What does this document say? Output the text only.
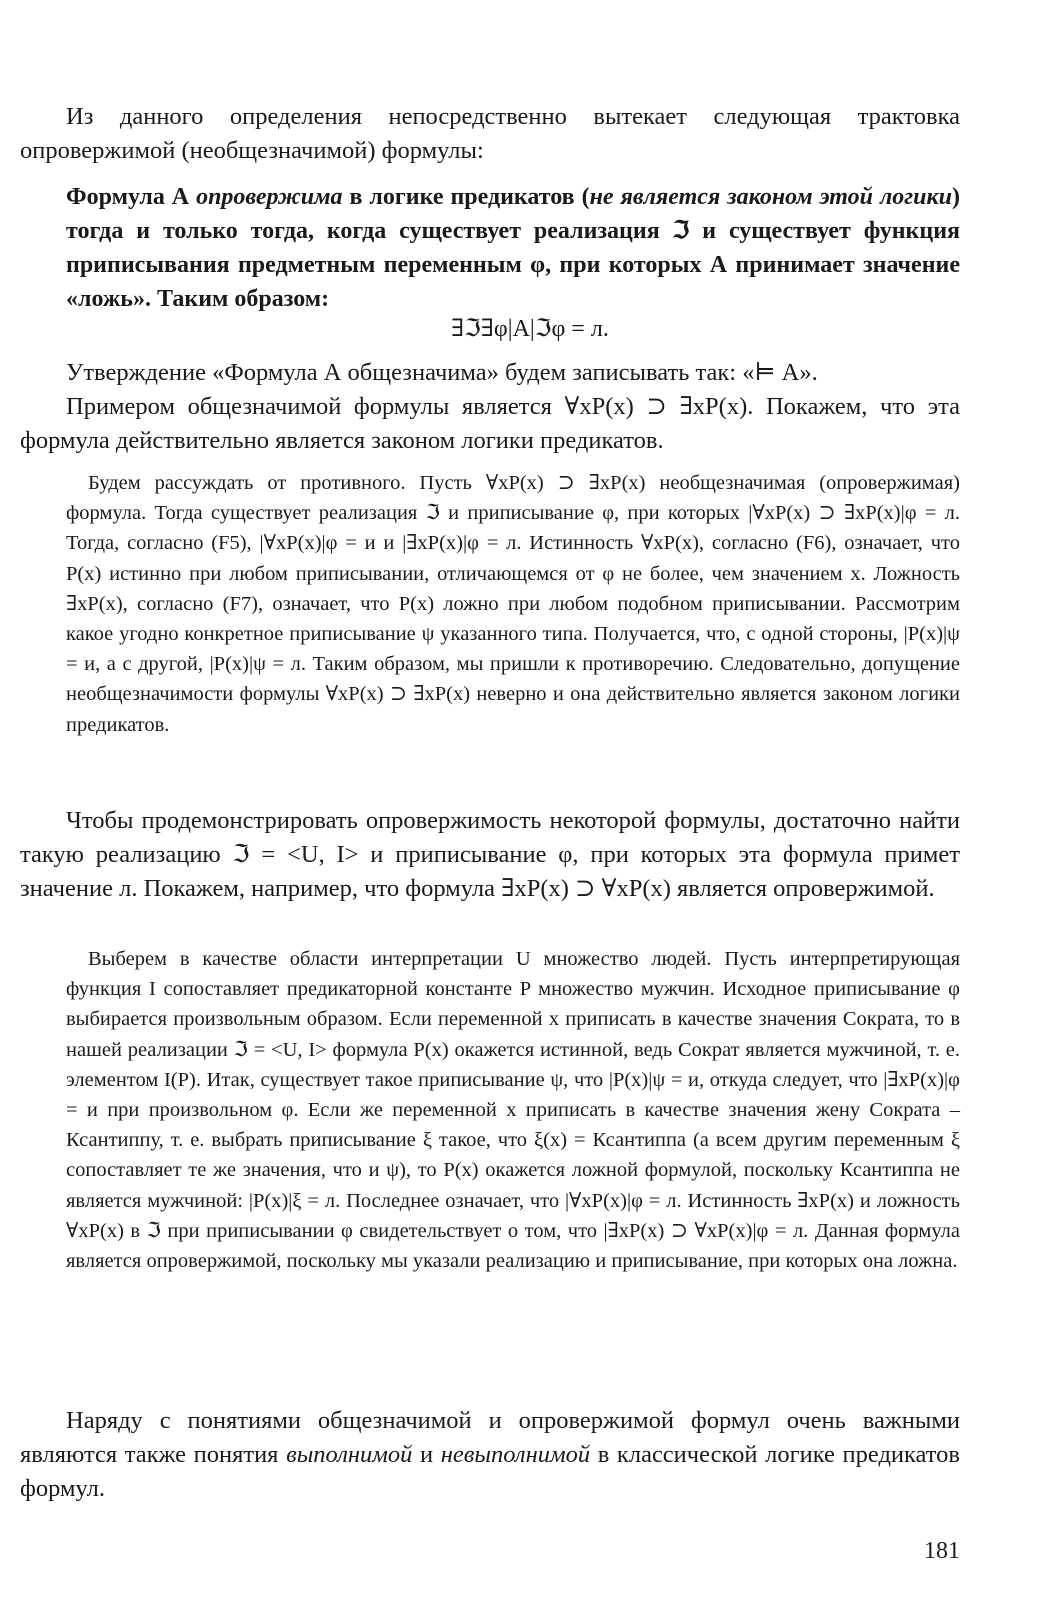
Из данного определения непосредственно вытекает следующая трактовка опровержимой (необщезначимой) формулы:

Формула А опровержима в логике предикатов (не является законом этой логики) тогда и только тогда, когда существует реализация ℑ и существует функция приписывания предметным переменным φ, при которых А принимает значение «ложь». Таким образом:

∃ℑ∃φ|A|ℑφ = л.

Утверждение «Формула А общезначима» будем записывать так: «⊨ А».

Примером общезначимой формулы является ∀xP(x) ⊃ ∃xP(x). Покажем, что эта формула действительно является законом логики предикатов.

Будем рассуждать от противного. Пусть ∀xP(x) ⊃ ∃xP(x) необщезначимая (опровержимая) формула. Тогда существует реализация ℑ и приписывание φ, при которых |∀xP(x) ⊃ ∃xP(x)|φ = л. Тогда, согласно (F5), |∀xP(x)|φ = и и |∃xP(x)|φ = л. Истинность ∀xP(x), согласно (F6), означает, что P(x) истинно при любом приписывании, отличающемся от φ не более, чем значением x. Ложность ∃xP(x), согласно (F7), означает, что P(x) ложно при любом подобном приписывании. Рассмотрим какое угодно конкретное приписывание ψ указанного типа. Получается, что, с одной стороны, |P(x)|ψ = и, а с другой, |P(x)|ψ = л. Таким образом, мы пришли к противоречию. Следовательно, допущение необщезначимости формулы ∀xP(x) ⊃ ∃xP(x) неверно и она действительно является законом логики предикатов.

Чтобы продемонстрировать опровержимость некоторой формулы, достаточно найти такую реализацию ℑ = <U, I> и приписывание φ, при которых эта формула примет значение л. Покажем, например, что формула ∃xP(x) ⊃ ∀xP(x) является опровержимой.

Выберем в качестве области интерпретации U множество людей. Пусть интерпретирующая функция I сопоставляет предикаторной константе P множество мужчин. Исходное приписывание φ выбирается произвольным образом. Если переменной x приписать в качестве значения Сократа, то в нашей реализации ℑ = <U, I> формула P(x) окажется истинной, ведь Сократ является мужчиной, т. е. элементом I(P). Итак, существует такое приписывание ψ, что |P(x)|ψ = и, откуда следует, что |∃xP(x)|φ = и при произвольном φ. Если же переменной x приписать в качестве значения жену Сократа – Ксантиппу, т. е. выбрать приписывание ξ такое, что ξ(x) = Ксантиппа (а всем другим переменным ξ сопоставляет те же значения, что и ψ), то P(x) окажется ложной формулой, поскольку Ксантиппа не является мужчиной: |P(x)|ξ = л. Последнее означает, что |∀xP(x)|φ = л. Истинность ∃xP(x) и ложность ∀xP(x) в ℑ при приписывании φ свидетельствует о том, что |∃xP(x) ⊃ ∀xP(x)|φ = л. Данная формула является опровержимой, поскольку мы указали реализацию и приписывание, при которых она ложна.

Наряду с понятиями общезначимой и опровержимой формул очень важными являются также понятия выполнимой и невыполнимой в классической логике предикатов формул.

181
